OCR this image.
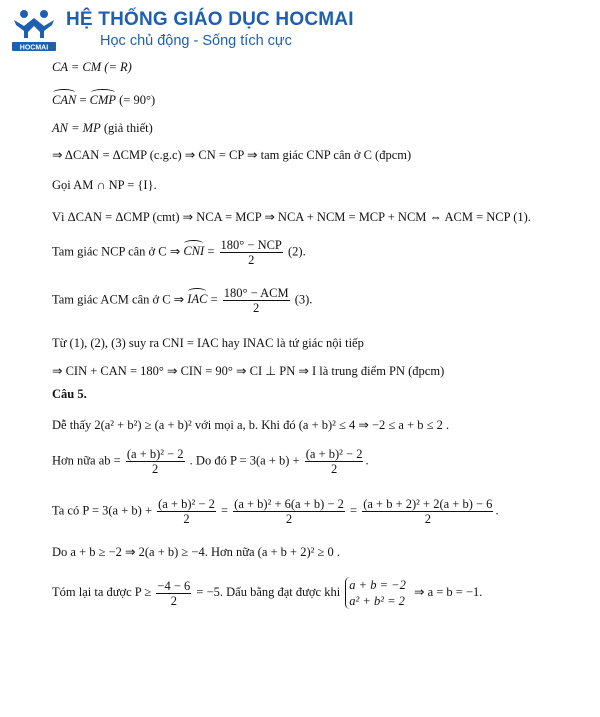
HOCMAI
HỆ THỐNG GIÁO DỤC HOCMAI
Học chủ động - Sống tích cực
CA = CM (= R)
CAN = CMP (= 90°)
AN = MP (giả thiết)
⇒ ΔCAN = ΔCMP (c.g.c) ⇒ CN = CP ⇒ tam giác CNP cân ở C (đpcm)
Gọi AM ∩ NP = {I}.
Vì ΔCAN = ΔCMP (cmt) ⇒ NCA = MCP ⇒ NCA + NCM = MCP + NCM ⇔ ACM = NCP (1).
Tam giác NCP cân ở C ⇒ CNI = $\frac{\text{180° − NCP}}{2} (2)$.
Tam giác ACM cân ở C ⇒ IAC = $\frac{\text{180° − ACM}}{2} (3)$.
Từ (1), (2), (3) suy ra CNI = IAC hay INAC là tứ giác nội tiếp
⇒ CIN + CAN = 180° ⇒ CIN = 90° ⇒ CI ⊥ PN ⇒ I là trung điểm PN (đpcm)
Câu 5.
Dễ thấy 2(a² + b²) ≥ (a + b)² với mọi a, b. Khi đó (a + b)² ≤ 4 ⇒ −2 ≤ a + b ≤ 2 .
Hơn nữa ab = $\frac{\text{(a + b)² − 2}}{2}$ . Do đó $P = 3(a + b) + \frac{\text{(a + b)² − 2}}{2}$ .
Ta có $P = 3(a + b) + \frac{\text{(a + b)² − 2}}{2} = \frac{\text{(a + b)² + 6(a + b) − 2}}{2} = \frac{\text{(a + b + 2)² + 2(a + b) − 6}}{2}$ .
Do a + b ≥ −2 ⇒ 2(a + b) ≥ −4. Hơn nữa (a + b + 2)² ≥ 0 .
Tóm lại ta được $P \ge \frac{-4 - 6}{2} = -5$. Dấu bằng đạt được khi a + b = −2
a² + b² = 2
⇒ a = b = −1.
